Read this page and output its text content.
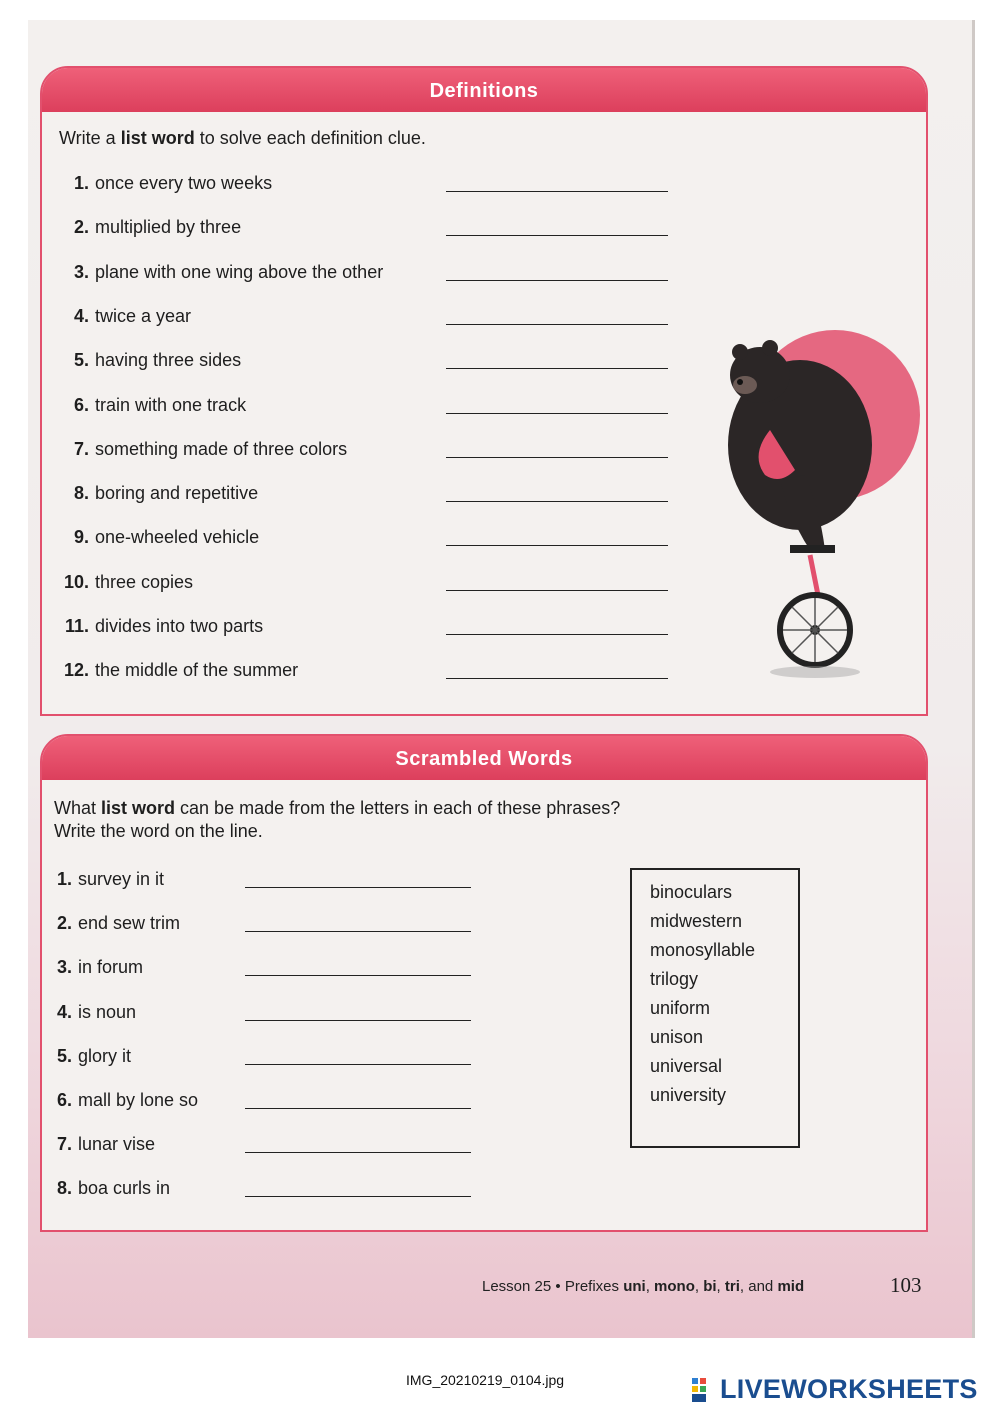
Definitions
Scrambled Words
Write a list word to solve each definition clue.
1. once every two weeks
2. multiplied by three
3. plane with one wing above the other
4. twice a year
5. having three sides
6. train with one track
7. something made of three colors
8. boring and repetitive
9. one-wheeled vehicle
10. three copies
11. divides into two parts
12. the middle of the summer
What list word can be made from the letters in each of these phrases?
Write the word on the line.
1. survey in it
2. end sew trim
3. in forum
4. is noun
5. glory it
6. mall by lone so
7. lunar vise
8. boa curls in
binoculars
midwestern
monosyllable
trilogy
uniform
unison
universal
university
Lesson 25 • Prefixes uni, mono, bi, tri, and mid	103
IMG_20210219_0104.jpg	LIVEWORKSHEETS
